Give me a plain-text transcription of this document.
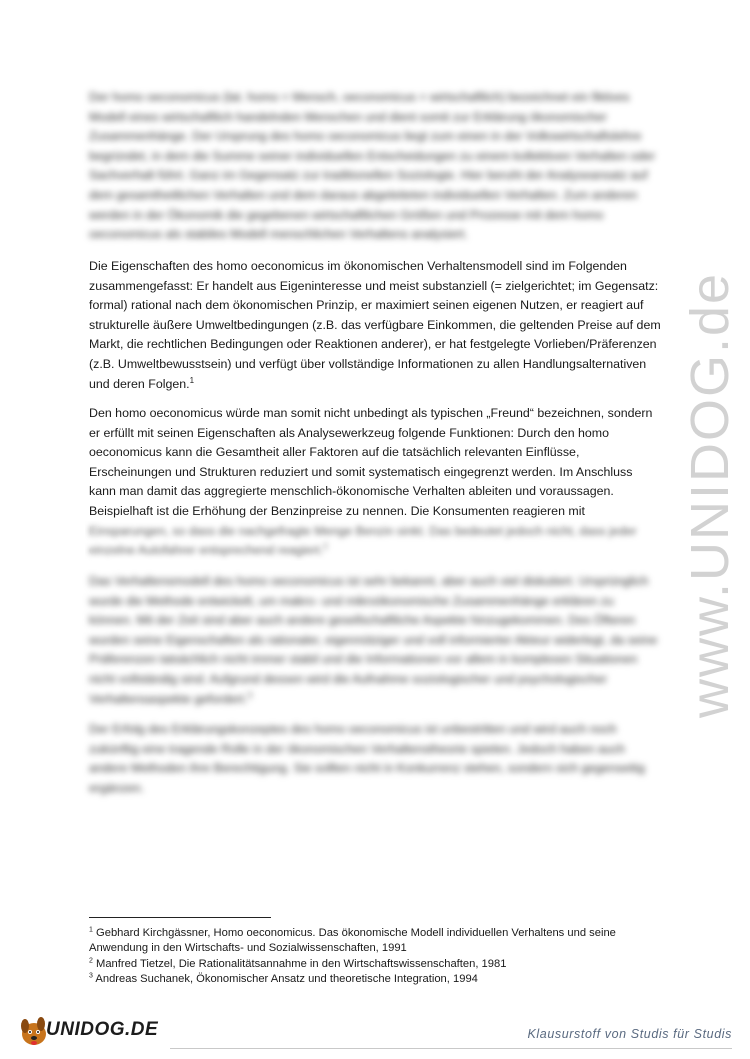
www.UNIDOG.de

Der homo oeconomicus (lat. homo = Mensch, oeconomicus = wirtschaftlich) bezeichnet ein fiktives Modell eines wirtschaftlich handelnden Menschen und dient somit zur Erklärung ökonomischer Zusammenhänge. Der Ursprung des homo oeconomicus liegt zum einen in der Volkswirtschaftslehre begründet, in dem die Summe seiner individuellen Entscheidungen zu einem kollektiven Verhalten oder Sachverhalt führt. Ganz im Gegensatz zur traditionellen Soziologie. Hier beruht der Analyseansatz auf dem gesamtheitlichen Verhalten und dem daraus abgeleiteten individuellen Verhalten. Zum anderen werden in der Ökonomik die gegebenen wirtschaftlichen Größen und Prozesse mit dem homo oeconomicus als stabiles Modell menschlichen Verhaltens analysiert.

Die Eigenschaften des homo oeconomicus im ökonomischen Verhaltensmodell sind im Folgenden zusammengefasst: Er handelt aus Eigeninteresse und meist substanziell (= zielgerichtet; im Gegensatz: formal) rational nach dem ökonomischen Prinzip, er maximiert seinen eigenen Nutzen, er reagiert auf strukturelle äußere Umweltbedingungen (z.B. das verfügbare Einkommen, die geltenden Preise auf dem Markt, die rechtlichen Bedingungen oder Reaktionen anderer), er hat festgelegte Vorlieben/Präferenzen (z.B. Umweltbewusstsein) und verfügt über vollständige Informationen zu allen Handlungsalternativen und deren Folgen.$^1$

Den homo oeconomicus würde man somit nicht unbedingt als typischen „Freund“ bezeichnen, sondern er erfüllt mit seinen Eigenschaften als Analysewerkzeug folgende Funktionen: Durch den homo oeconomicus kann die Gesamtheit aller Faktoren auf die tatsächlich relevanten Einflüsse, Erscheinungen und Strukturen reduziert und somit systematisch eingegrenzt werden. Im Anschluss kann man damit das aggregierte menschlich-ökonomische Verhalten ableiten und voraussagen. Beispielhaft ist die Erhöhung der Benzinpreise zu nennen. Die Konsumenten reagieren mit Einsparungen, so dass die nachgefragte Menge Benzin sinkt. Das bedeutet jedoch nicht, dass jeder einzelne Autofahrer entsprechend reagiert.$^2$

Das Verhaltensmodell des homo oeconomicus ist sehr bekannt, aber auch viel diskutiert. Ursprünglich wurde die Methode entwickelt, um makro- und mikroökonomische Zusammenhänge erklären zu können. Mit der Zeit sind aber auch andere gesellschaftliche Aspekte hinzugekommen. Des Öfteren wurden seine Eigenschaften als rationaler, eigennütziger und voll informierter Akteur widerlegt, da seine Präferenzen tatsächlich nicht immer stabil und die Informationen vor allem in komplexen Situationen nicht vollständig sind. Aufgrund dessen wird die Aufnahme soziologischer und psychologischer Verhaltensaspekte gefordert.$^3$

Der Erfolg des Erklärungskonzeptes des homo oeconomicus ist unbestritten und wird auch noch zukünftig eine tragende Rolle in der ökonomischen Verhaltenstheorie spielen. Jedoch haben auch andere Methoden ihre Berechtigung. Sie sollten nicht in Konkurrenz stehen, sondern sich gegenseitig ergänzen.

$^1$ Gebhard Kirchgässner, Homo oeconomicus. Das ökonomische Modell individuellen Verhaltens und seine Anwendung in den Wirtschafts- und Sozialwissenschaften, 1991

$^2$ Manfred Tietzel, Die Rationalitätsannahme in den Wirtschaftswissenschaften, 1981

$^3$ Andreas Suchanek, Ökonomischer Ansatz und theoretische Integration, 1994

UNIDOG.DE	Klausurstoff von Studis für Studis
